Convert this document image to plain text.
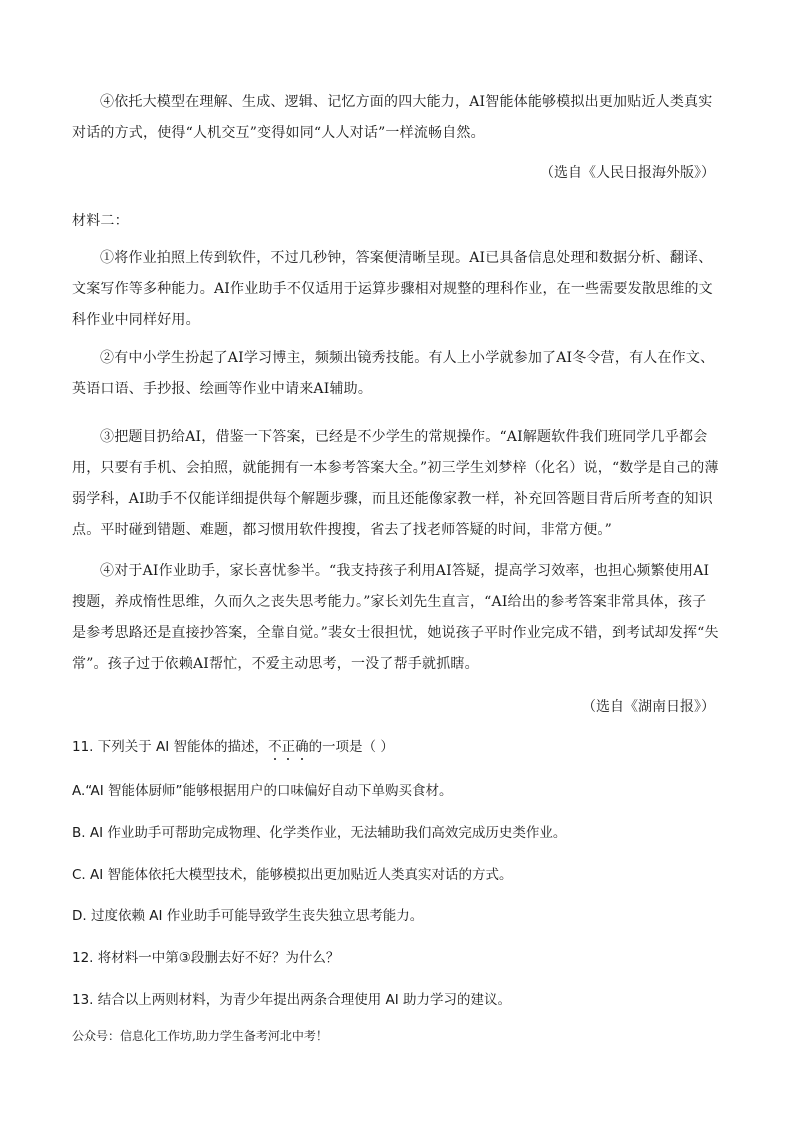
④依托大模型在理解、生成、逻辑、记忆方面的四大能力，AI智能体能够模拟出更加贴近人类真实对话的方式，使得“人机交互”变得如同“人人对话”一样流畅自然。

（选自《人民日报海外版》）

材料二：

①将作业拍照上传到软件，不过几秒钟，答案便清晰呈现。AI已具备信息处理和数据分析、翻译、文案写作等多种能力。AI作业助手不仅适用于运算步骤相对规整的理科作业，在一些需要发散思维的文科作业中同样好用。

②有中小学生扮起了AI学习博主，频频出镜秀技能。有人上小学就参加了AI冬令营，有人在作文、英语口语、手抄报、绘画等作业中请来AI辅助。

③把题目扔给AI，借鉴一下答案，已经是不少学生的常规操作。“AI解题软件我们班同学几乎都会用，只要有手机、会拍照，就能拥有一本参考答案大全。”初三学生刘梦梓（化名）说，“数学是自己的薄弱学科，AI助手不仅能详细提供每个解题步骤，而且还能像家教一样，补充回答题目背后所考查的知识点。平时碰到错题、难题，都习惯用软件搜搜，省去了找老师答疑的时间，非常方便。”

④对于AI作业助手，家长喜忧参半。“我支持孩子利用AI答疑，提高学习效率，也担心频繁使用AI搜题，养成惰性思维，久而久之丧失思考能力。”家长刘先生直言，“AI给出的参考答案非常具体，孩子是参考思路还是直接抄答案，全靠自觉。”裴女士很担忧，她说孩子平时作业完成不错，到考试却发挥“失常”。孩子过于依赖AI帮忙，不爱主动思考，一没了帮手就抓瞎。

（选自《湖南日报》）

11. 下列关于 AI 智能体的描述，不正确的一项是（ ）

A.“AI 智能体厨师”能够根据用户的口味偏好自动下单购买食材。

B. AI 作业助手可帮助完成物理、化学类作业，无法辅助我们高效完成历史类作业。

C. AI 智能体依托大模型技术，能够模拟出更加贴近人类真实对话的方式。

D. 过度依赖 AI 作业助手可能导致学生丧失独立思考能力。

12. 将材料一中第③段删去好不好？为什么？

13. 结合以上两则材料，为青少年提出两条合理使用 AI 助力学习的建议。

公众号：信息化工作坊,助力学生备考河北中考！
